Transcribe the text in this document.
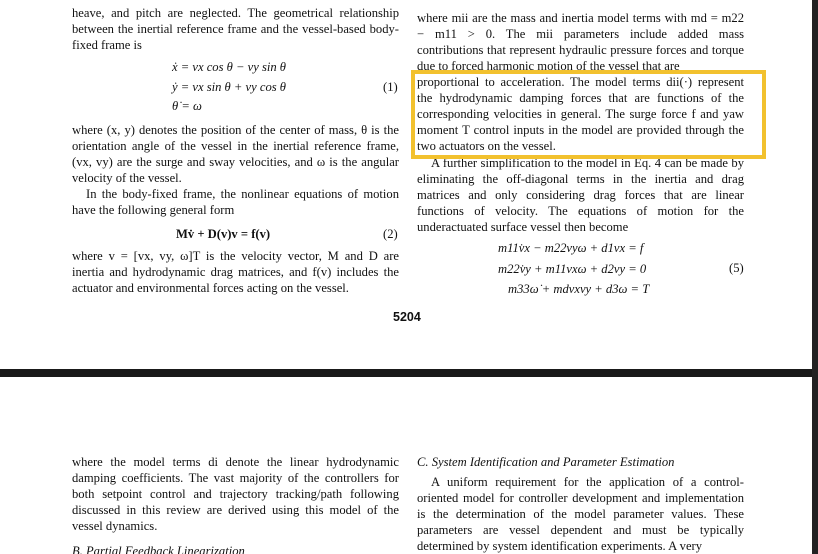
heave, and pitch are neglected. The geometrical relationship between the inertial reference frame and the vessel-based body-fixed frame is

ẋ = vx cos θ − vy sin θ
ẏ = vx sin θ + vy cos θ
θ̇ = ω
(1)

where (x, y) denotes the position of the center of mass, θ is the orientation angle of the vessel in the inertial reference frame, (vx, vy) are the surge and sway velocities, and ω is the angular velocity of the vessel.

In the body-fixed frame, the nonlinear equations of motion have the following general form

Mv̇ + D(v)v = f(v)	(2)

where v = [vx, vy, ω]T is the velocity vector, M and D are inertia and hydrodynamic drag matrices, and f(v) includes the actuator and environmental forces acting on the vessel.

where mii are the mass and inertia model terms with md = m22 − m11 > 0. The mii parameters include added mass contributions that represent hydraulic pressure forces and torque due to forced harmonic motion of the vessel that are

proportional to acceleration. The model terms dii(·) represent the hydrodynamic damping forces that are functions of the corresponding velocities in general. The surge force f and yaw moment T control inputs in the model are provided through the two actuators on the vessel.

A further simplification to the model in Eq. 4 can be made by eliminating the off-diagonal terms in the inertia and drag matrices and only considering drag forces that are linear functions of velocity. The equations of motion for the underactuated surface vessel then become

m11v̇x − m22vyω + d1vx = f
m22v̇y + m11vxω + d2vy = 0
m33ω̇ + mdvxvy + d3ω = T
(5)
5204

where the model terms di denote the linear hydrodynamic damping coefficients. The vast majority of the controllers for both setpoint control and trajectory tracking/path following discussed in this review are derived using this model of the vessel dynamics.

B. Partial Feedback Linearization

C. System Identification and Parameter Estimation

A uniform requirement for the application of a control-oriented model for controller development and implementation is the determination of the model parameter values. These parameters are vessel dependent and must be typically determined by system identification experiments. A very
